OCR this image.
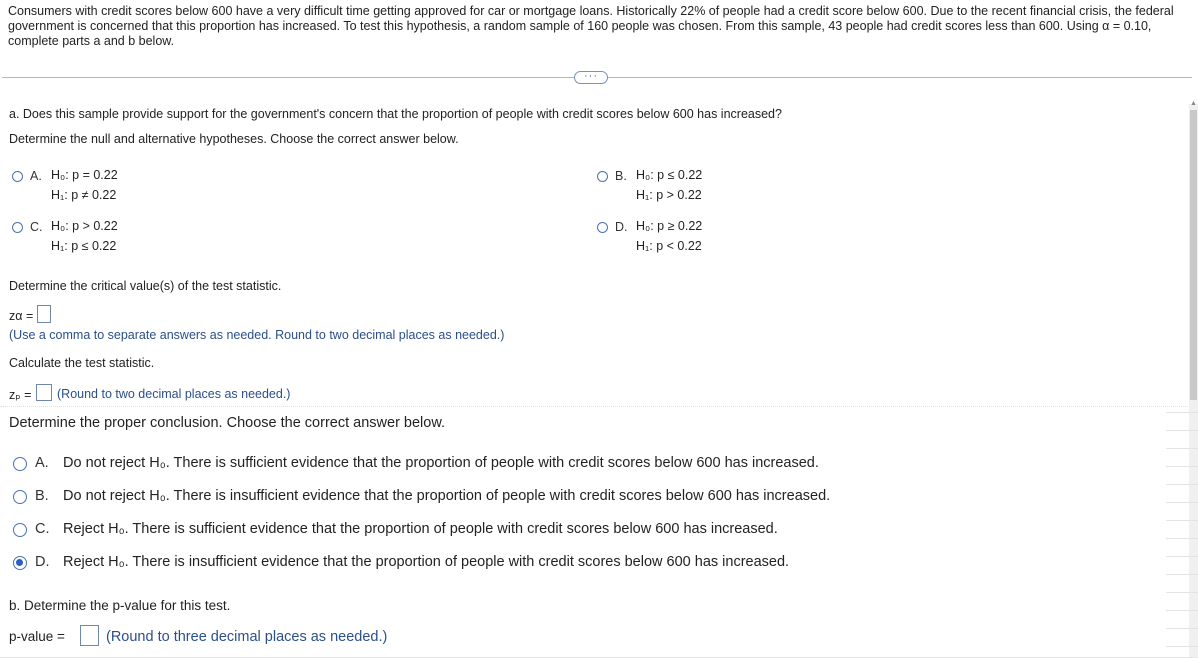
Consumers with credit scores below 600 have a very difficult time getting approved for car or mortgage loans. Historically 22% of people had a credit score below 600. Due to the recent financial crisis, the federal government is concerned that this proportion has increased. To test this hypothesis, a random sample of 160 people was chosen. From this sample, 43 people had credit scores less than 600. Using α = 0.10, complete parts a and b below.
···
a. Does this sample provide support for the government's concern that the proportion of people with credit scores below 600 has increased?
Determine the null and alternative hypotheses. Choose the correct answer below.
A. H₀: p = 0.22
H₁: p ≠ 0.22
B. H₀: p ≤ 0.22
H₁: p > 0.22
C. H₀: p > 0.22
H₁: p ≤ 0.22
D. H₀: p ≥ 0.22
H₁: p < 0.22
Determine the critical value(s) of the test statistic.
zα =
(Use a comma to separate answers as needed. Round to two decimal places as needed.)
Calculate the test statistic.
zₚ = (Round to two decimal places as needed.)
Determine the proper conclusion. Choose the correct answer below.
A. Do not reject H₀. There is sufficient evidence that the proportion of people with credit scores below 600 has increased.
B. Do not reject H₀. There is insufficient evidence that the proportion of people with credit scores below 600 has increased.
C. Reject H₀. There is sufficient evidence that the proportion of people with credit scores below 600 has increased.
D. Reject H₀. There is insufficient evidence that the proportion of people with credit scores below 600 has increased.
b. Determine the p-value for this test.
p-value =	(Round to three decimal places as needed.)
▲
